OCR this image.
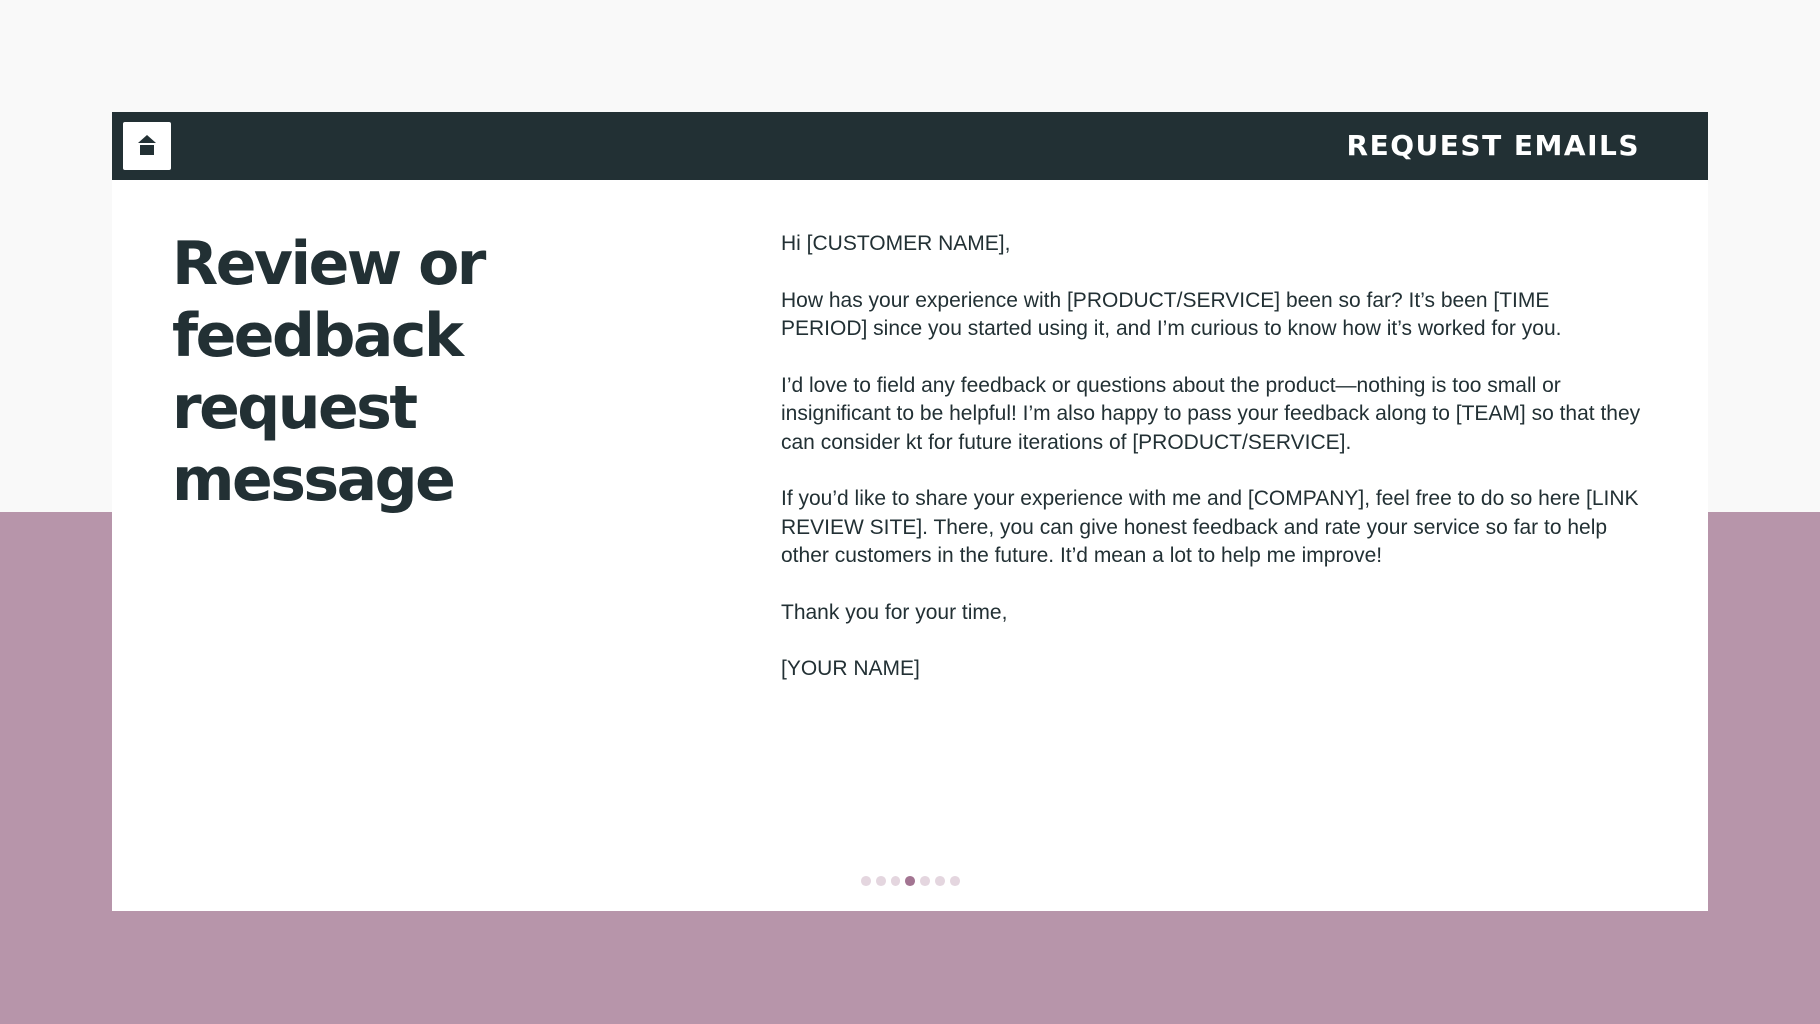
REQUEST EMAILS
Review or feedback request message

Hi [CUSTOMER NAME],

How has your experience with [PRODUCT/SERVICE] been so far? It’s been [TIME PERIOD] since you started using it, and I’m curious to know how it’s worked for you.

I’d love to field any feedback or questions about the product—nothing is too small or insignificant to be helpful! I’m also happy to pass your feedback along to [TEAM] so that they can consider kt for future iterations of [PRODUCT/SERVICE].

If you’d like to share your experience with me and [COMPANY], feel free to do so here [LINK REVIEW SITE]. There, you can give honest feedback and rate your service so far to help other customers in the future. It’d mean a lot to help me improve!

Thank you for your time,

[YOUR NAME]
